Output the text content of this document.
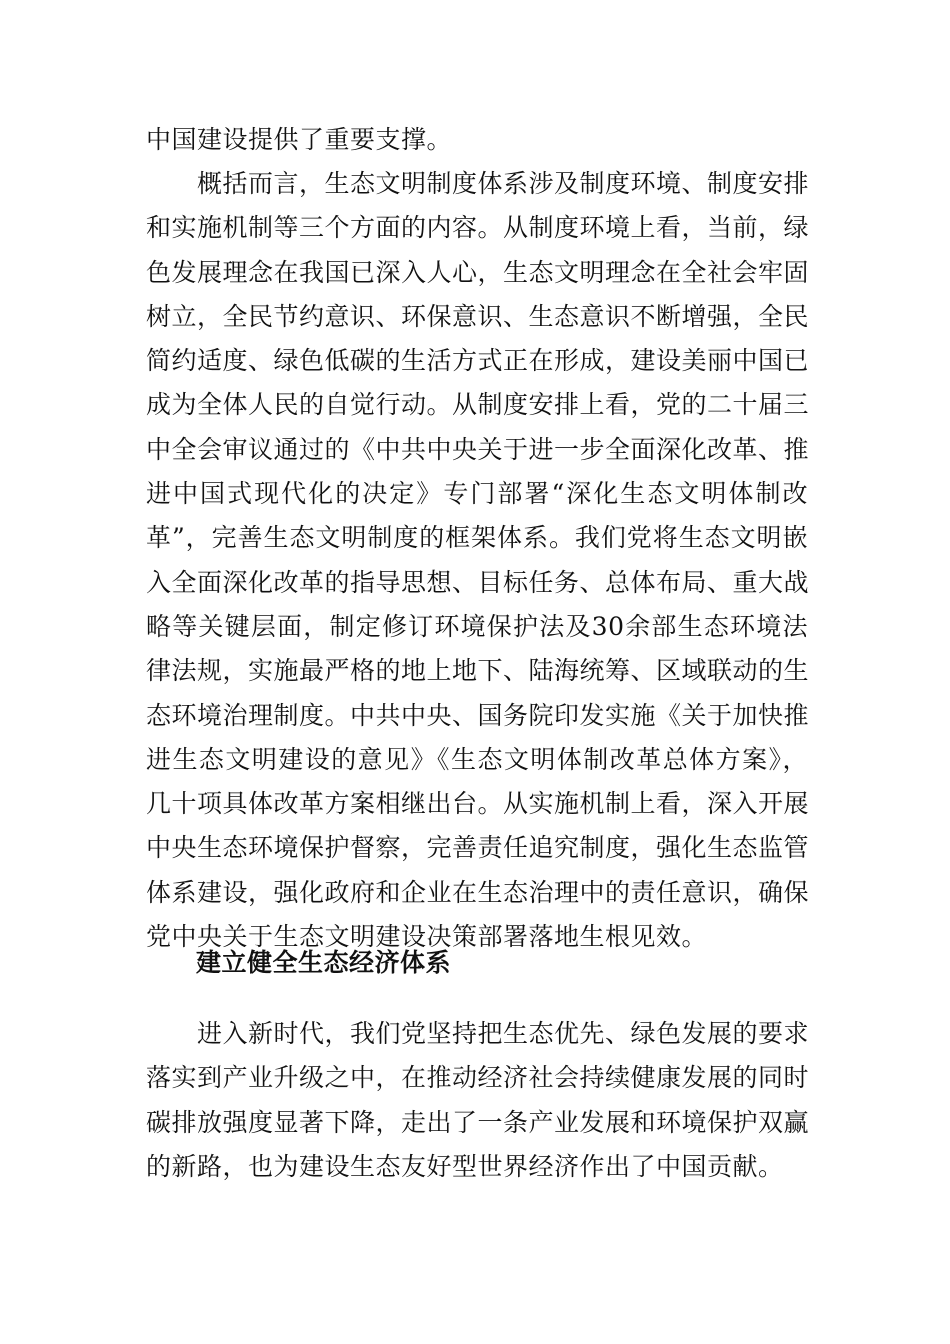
中国建设提供了重要支撑。
　　概括而言，生态文明制度体系涉及制度环境、制度安排
和实施机制等三个方面的内容。从制度环境上看，当前，绿
色发展理念在我国已深入人心，生态文明理念在全社会牢固
树立，全民节约意识、环保意识、生态意识不断增强，全民
简约适度、绿色低碳的生活方式正在形成，建设美丽中国已
成为全体人民的自觉行动。从制度安排上看，党的二十届三
中全会审议通过的《中共中央关于进一步全面深化改革、推
进中国式现代化的决定》专门部署“深化生态文明体制改
革”，完善生态文明制度的框架体系。我们党将生态文明嵌
入全面深化改革的指导思想、目标任务、总体布局、重大战
略等关键层面，制定修订环境保护法及30余部生态环境法
律法规，实施最严格的地上地下、陆海统筹、区域联动的生
态环境治理制度。中共中央、国务院印发实施《关于加快推
进生态文明建设的意见》《生态文明体制改革总体方案》，
几十项具体改革方案相继出台。从实施机制上看，深入开展
中央生态环境保护督察，完善责任追究制度，强化生态监管
体系建设，强化政府和企业在生态治理中的责任意识，确保
党中央关于生态文明建设决策部署落地生根见效。
建立健全生态经济体系
　　进入新时代，我们党坚持把生态优先、绿色发展的要求
落实到产业升级之中，在推动经济社会持续健康发展的同时
碳排放强度显著下降，走出了一条产业发展和环境保护双赢
的新路，也为建设生态友好型世界经济作出了中国贡献。
